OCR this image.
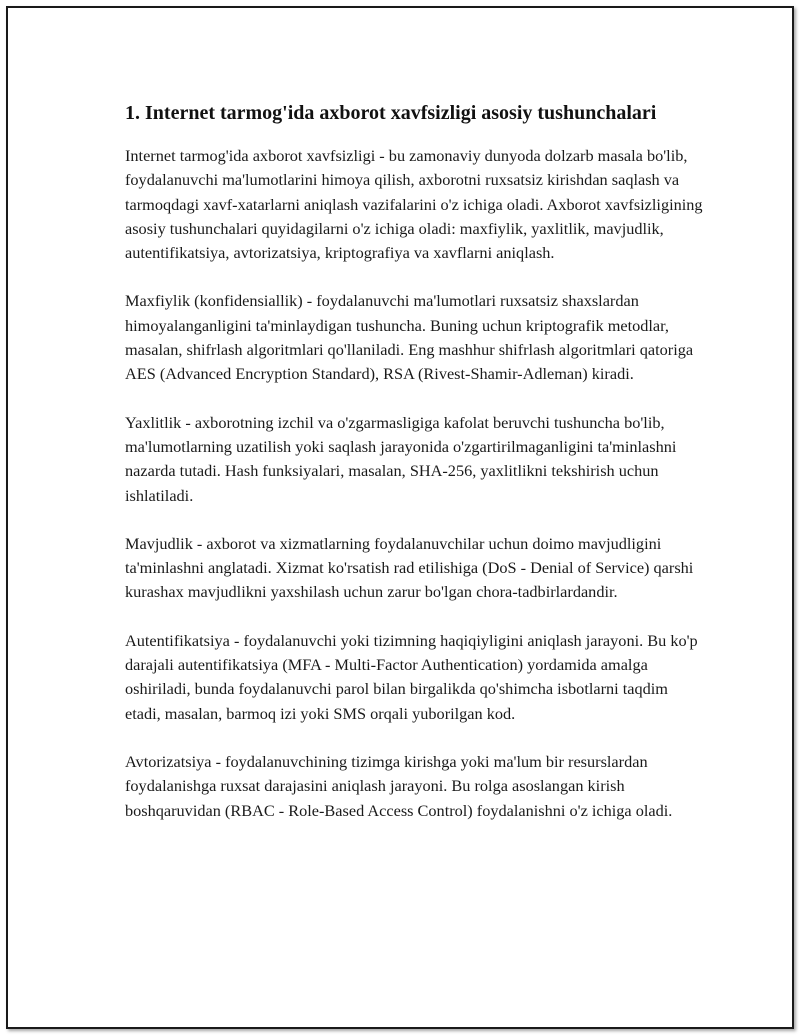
1. Internet tarmog'ida axborot xavfsizligi asosiy tushunchalari

Internet tarmog'ida axborot xavfsizligi - bu zamonaviy dunyoda dolzarb masala bo'lib, foydalanuvchi ma'lumotlarini himoya qilish, axborotni ruxsatsiz kirishdan saqlash va tarmoqdagi xavf-xatarlarni aniqlash vazifalarini o'z ichiga oladi. Axborot xavfsizligining asosiy tushunchalari quyidagilarni o'z ichiga oladi: maxfiylik, yaxlitlik, mavjudlik, autentifikatsiya, avtorizatsiya, kriptografiya va xavflarni aniqlash.

Maxfiylik (konfidensiallik) - foydalanuvchi ma'lumotlari ruxsatsiz shaxslardan himoyalanganligini ta'minlaydigan tushuncha. Buning uchun kriptografik metodlar, masalan, shifrlash algoritmlari qo'llaniladi. Eng mashhur shifrlash algoritmlari qatoriga AES (Advanced Encryption Standard), RSA (Rivest-Shamir-Adleman) kiradi.

Yaxlitlik - axborotning izchil va o'zgarmasligiga kafolat beruvchi tushuncha bo'lib, ma'lumotlarning uzatilish yoki saqlash jarayonida o'zgartirilmaganligini ta'minlashni nazarda tutadi. Hash funksiyalari, masalan, SHA-256, yaxlitlikni tekshirish uchun ishlatiladi.

Mavjudlik - axborot va xizmatlarning foydalanuvchilar uchun doimo mavjudligini ta'minlashni anglatadi. Xizmat ko'rsatish rad etilishiga (DoS - Denial of Service) qarshi kurashax mavjudlikni yaxshilash uchun zarur bo'lgan chora-tadbirlardandir.

Autentifikatsiya - foydalanuvchi yoki tizimning haqiqiyligini aniqlash jarayoni. Bu ko'p darajali autentifikatsiya (MFA - Multi-Factor Authentication) yordamida amalga oshiriladi, bunda foydalanuvchi parol bilan birgalikda qo'shimcha isbotlarni taqdim etadi, masalan, barmoq izi yoki SMS orqali yuborilgan kod.

Avtorizatsiya - foydalanuvchining tizimga kirishga yoki ma'lum bir resurslardan foydalanishga ruxsat darajasini aniqlash jarayoni. Bu rolga asoslangan kirish boshqaruvidan (RBAC - Role-Based Access Control) foydalanishni o'z ichiga oladi.
